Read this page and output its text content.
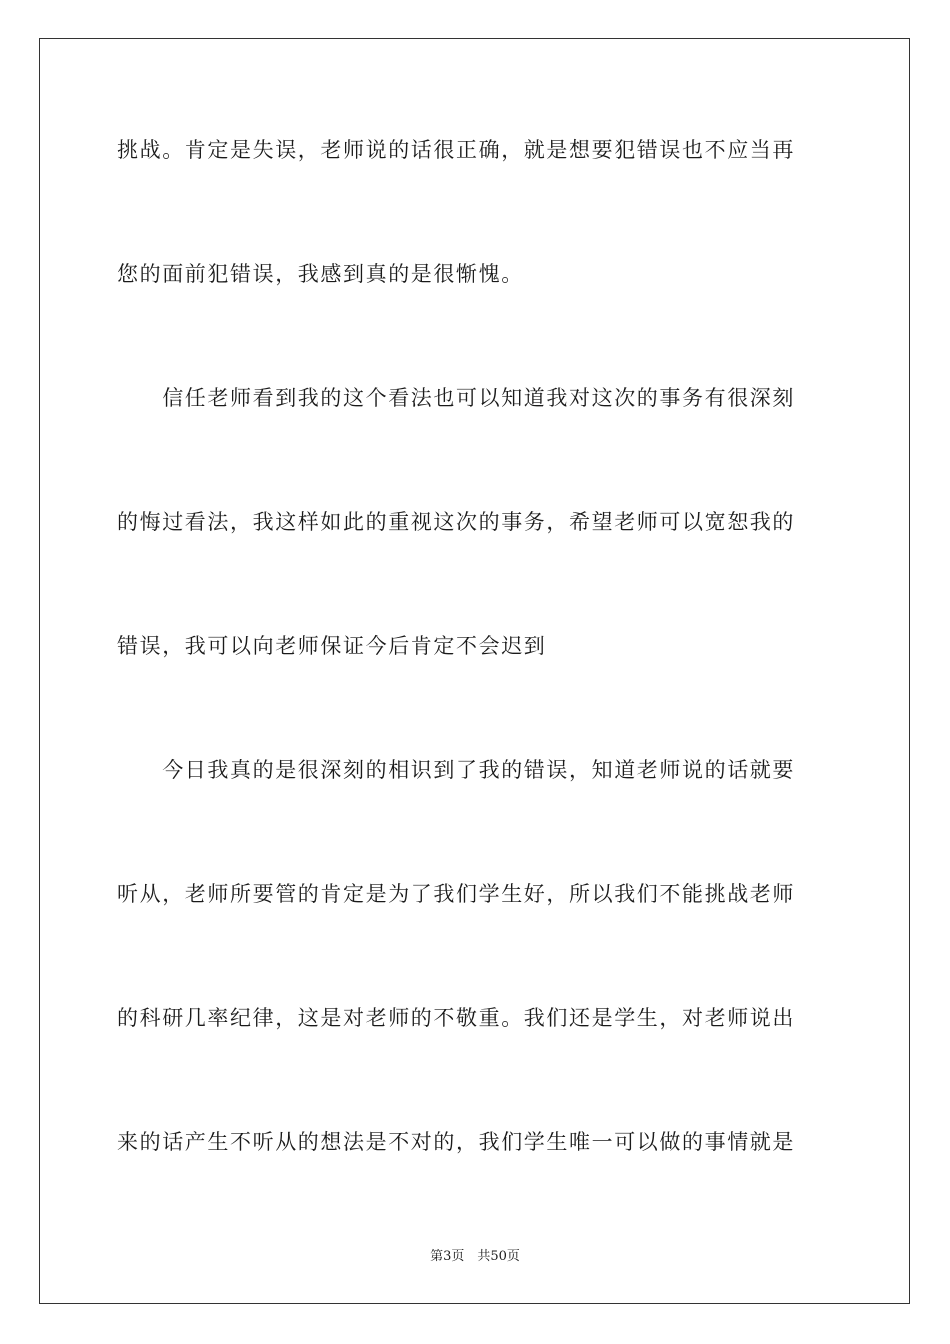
挑战。肯定是失误，老师说的话很正确，就是想要犯错误也不应当再
您的面前犯错误，我感到真的是很惭愧。
　　信任老师看到我的这个看法也可以知道我对这次的事务有很深刻
的悔过看法，我这样如此的重视这次的事务，希望老师可以宽恕我的
错误，我可以向老师保证今后肯定不会迟到
　　今日我真的是很深刻的相识到了我的错误，知道老师说的话就要
听从，老师所要管的肯定是为了我们学生好，所以我们不能挑战老师
的科研几率纪律，这是对老师的不敬重。我们还是学生，对老师说出
来的话产生不听从的想法是不对的，我们学生唯一可以做的事情就是
第3页　共50页
